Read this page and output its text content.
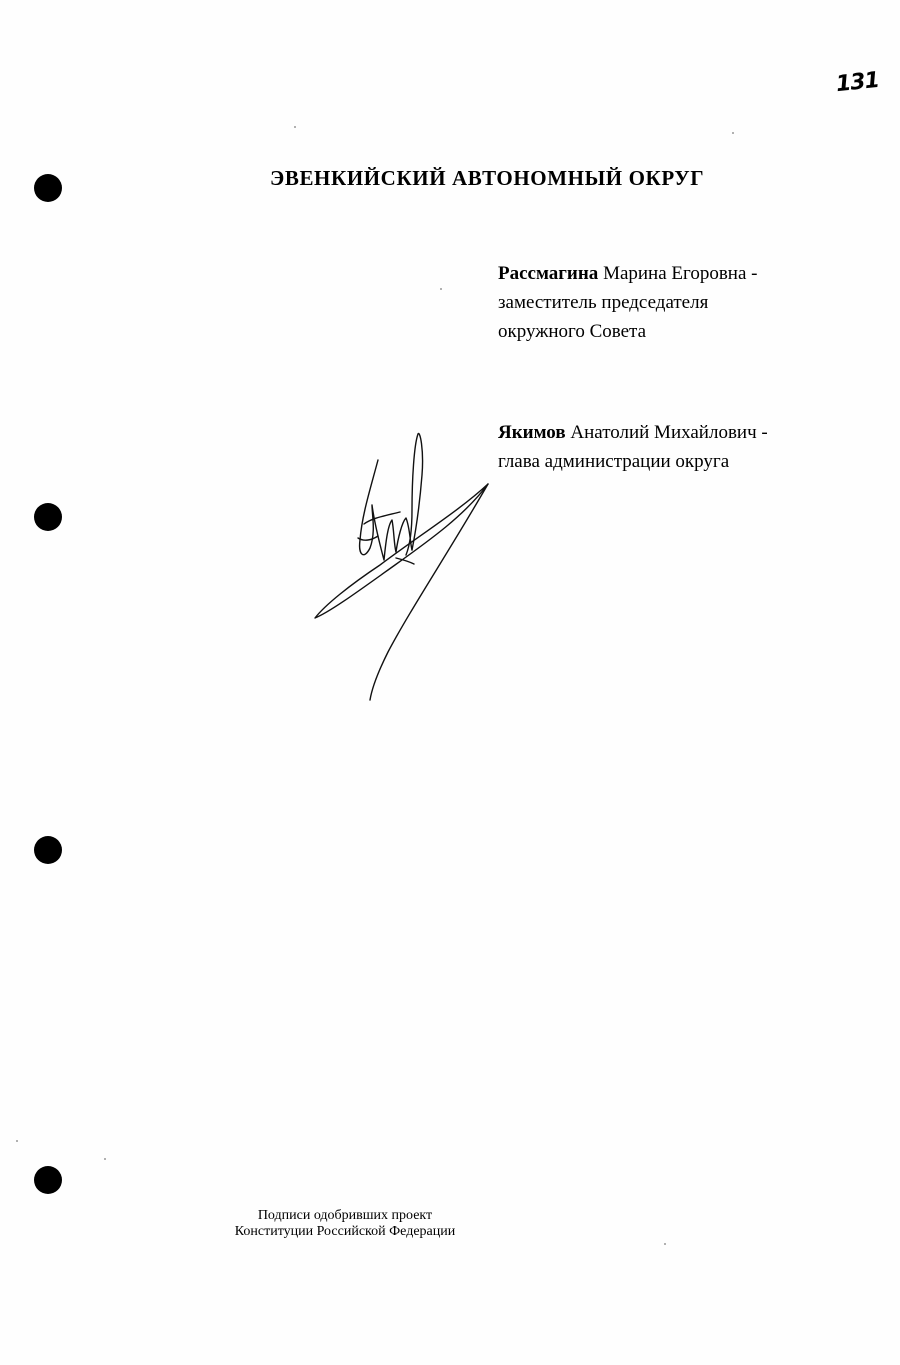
131
ЭВЕНКИЙСКИЙ АВТОНОМНЫЙ ОКРУГ
Рассмагина Марина Егоровна -
заместитель председателя
окружного Совета
Якимов Анатолий Михайлович -
глава администрации округа
Подписи одобривших проект
Конституции Российской Федерации
